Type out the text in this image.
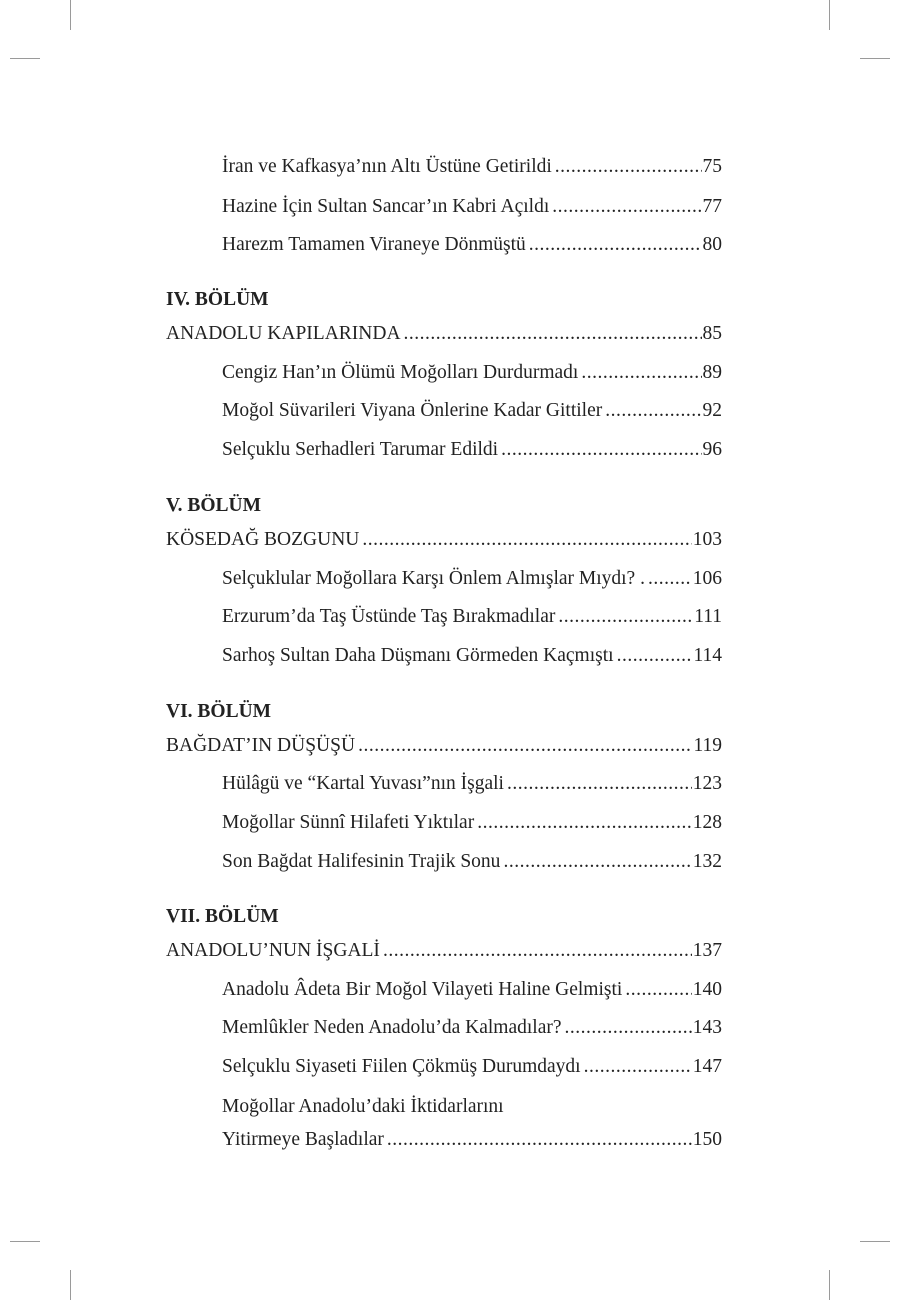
İran ve Kafkasya’nın Altı Üstüne Getirildi .....	75
Hazine İçin Sultan Sancar’ın Kabri Açıldı .....	77
Harezm Tamamen Viraneye Dönmüştü .....	80
IV. BÖLÜM
ANADOLU KAPILARINDA .....	85
Cengiz Han’ın Ölümü Moğolları Durdurmadı .....	89
Moğol Süvarileri Viyana Önlerine Kadar Gittiler .....	92
Selçuklu Serhadleri Tarumar Edildi .....	96
V. BÖLÜM
KÖSEDAĞ BOZGUNU .....	103
Selçuklular Moğollara Karşı Önlem Almışlar Mıydı? . ..... 106
Erzurum’da Taş Üstünde Taş Bırakmadılar .....	111
Sarhoş Sultan Daha Düşmanı Görmeden Kaçmıştı .....	114
VI. BÖLÜM
BAĞDAT’IN DÜŞÜŞÜ .....	119
Hülâgü ve “Kartal Yuvası”nın İşgali .....	123
Moğollar Sünnî Hilafeti Yıktılar .....	128
Son Bağdat Halifesinin Trajik Sonu .....	132
VII. BÖLÜM
ANADOLU’NUN İŞGALİ .....	137
Anadolu Âdeta Bir Moğol Vilayeti Haline Gelmişti .....	140
Memlûkler Neden Anadolu’da Kalmadılar? .....	143
Selçuklu Siyaseti Fiilen Çökmüş Durumdaydı .....	147
Moğollar Anadolu’daki İktidarlarını
Yitirmeye Başladılar .....	150
